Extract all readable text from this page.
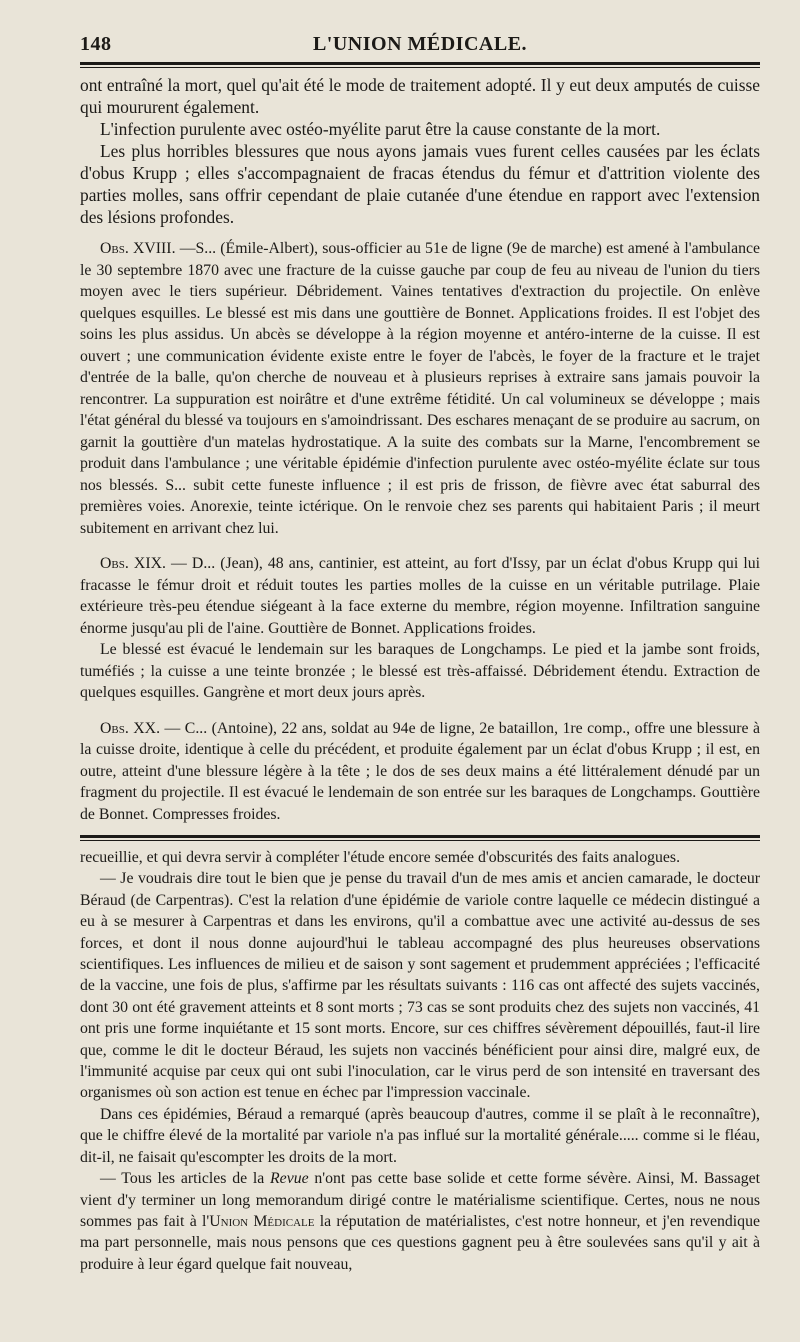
148	L'UNION MÉDICALE.

ont entraîné la mort, quel qu'ait été le mode de traitement adopté. Il y eut deux amputés de cuisse qui moururent également.

L'infection purulente avec ostéo-myélite parut être la cause constante de la mort.

Les plus horribles blessures que nous ayons jamais vues furent celles causées par les éclats d'obus Krupp ; elles s'accompagnaient de fracas étendus du fémur et d'attrition violente des parties molles, sans offrir cependant de plaie cutanée d'une étendue en rapport avec l'extension des lésions profondes.

Obs. XVIII. —S... (Émile-Albert), sous-officier au 51e de ligne (9e de marche) est amené à l'ambulance le 30 septembre 1870 avec une fracture de la cuisse gauche par coup de feu au niveau de l'union du tiers moyen avec le tiers supérieur. Débridement. Vaines tentatives d'extraction du projectile. On enlève quelques esquilles. Le blessé est mis dans une gouttière de Bonnet. Applications froides. Il est l'objet des soins les plus assidus. Un abcès se développe à la région moyenne et antéro-interne de la cuisse. Il est ouvert ; une communication évidente existe entre le foyer de l'abcès, le foyer de la fracture et le trajet d'entrée de la balle, qu'on cherche de nouveau et à plusieurs reprises à extraire sans jamais pouvoir la rencontrer. La suppuration est noirâtre et d'une extrême fétidité. Un cal volumineux se développe ; mais l'état général du blessé va toujours en s'amoindrissant. Des eschares menaçant de se produire au sacrum, on garnit la gouttière d'un matelas hydrostatique. A la suite des combats sur la Marne, l'encombrement se produit dans l'ambulance ; une véritable épidémie d'infection purulente avec ostéo-myélite éclate sur tous nos blessés. S... subit cette funeste influence ; il est pris de frisson, de fièvre avec état saburral des premières voies. Anorexie, teinte ictérique. On le renvoie chez ses parents qui habitaient Paris ; il meurt subitement en arrivant chez lui.

Obs. XIX. — D... (Jean), 48 ans, cantinier, est atteint, au fort d'Issy, par un éclat d'obus Krupp qui lui fracasse le fémur droit et réduit toutes les parties molles de la cuisse en un véritable putrilage. Plaie extérieure très-peu étendue siégeant à la face externe du membre, région moyenne. Infiltration sanguine énorme jusqu'au pli de l'aine. Gouttière de Bonnet. Applications froides.

Le blessé est évacué le lendemain sur les baraques de Longchamps. Le pied et la jambe sont froids, tuméfiés ; la cuisse a une teinte bronzée ; le blessé est très-affaissé. Débridement étendu. Extraction de quelques esquilles. Gangrène et mort deux jours après.

Obs. XX. — C... (Antoine), 22 ans, soldat au 94e de ligne, 2e bataillon, 1re comp., offre une blessure à la cuisse droite, identique à celle du précédent, et produite également par un éclat d'obus Krupp ; il est, en outre, atteint d'une blessure légère à la tête ; le dos de ses deux mains a été littéralement dénudé par un fragment du projectile. Il est évacué le lendemain de son entrée sur les baraques de Longchamps. Gouttière de Bonnet. Compresses froides.

recueillie, et qui devra servir à compléter l'étude encore semée d'obscurités des faits analogues.

— Je voudrais dire tout le bien que je pense du travail d'un de mes amis et ancien camarade, le docteur Béraud (de Carpentras). C'est la relation d'une épidémie de variole contre laquelle ce médecin distingué a eu à se mesurer à Carpentras et dans les environs, qu'il a combattue avec une activité au-dessus de ses forces, et dont il nous donne aujourd'hui le tableau accompagné des plus heureuses observations scientifiques. Les influences de milieu et de saison y sont sagement et prudemment appréciées ; l'efficacité de la vaccine, une fois de plus, s'affirme par les résultats suivants : 116 cas ont affecté des sujets vaccinés, dont 30 ont été gravement atteints et 8 sont morts ; 73 cas se sont produits chez des sujets non vaccinés, 41 ont pris une forme inquiétante et 15 sont morts. Encore, sur ces chiffres sévèrement dépouillés, faut-il lire que, comme le dit le docteur Béraud, les sujets non vaccinés bénéficient pour ainsi dire, malgré eux, de l'immunité acquise par ceux qui ont subi l'inoculation, car le virus perd de son intensité en traversant des organismes où son action est tenue en échec par l'impression vaccinale.

Dans ces épidémies, Béraud a remarqué (après beaucoup d'autres, comme il se plaît à le reconnaître), que le chiffre élevé de la mortalité par variole n'a pas influé sur la mortalité générale..... comme si le fléau, dit-il, ne faisait qu'escompter les droits de la mort.

— Tous les articles de la Revue n'ont pas cette base solide et cette forme sévère. Ainsi, M. Bassaget vient d'y terminer un long memorandum dirigé contre le matérialisme scientifique. Certes, nous ne nous sommes pas fait à l'Union Médicale la réputation de matérialistes, c'est notre honneur, et j'en revendique ma part personnelle, mais nous pensons que ces questions gagnent peu à être soulevées sans qu'il y ait à produire à leur égard quelque fait nouveau,
